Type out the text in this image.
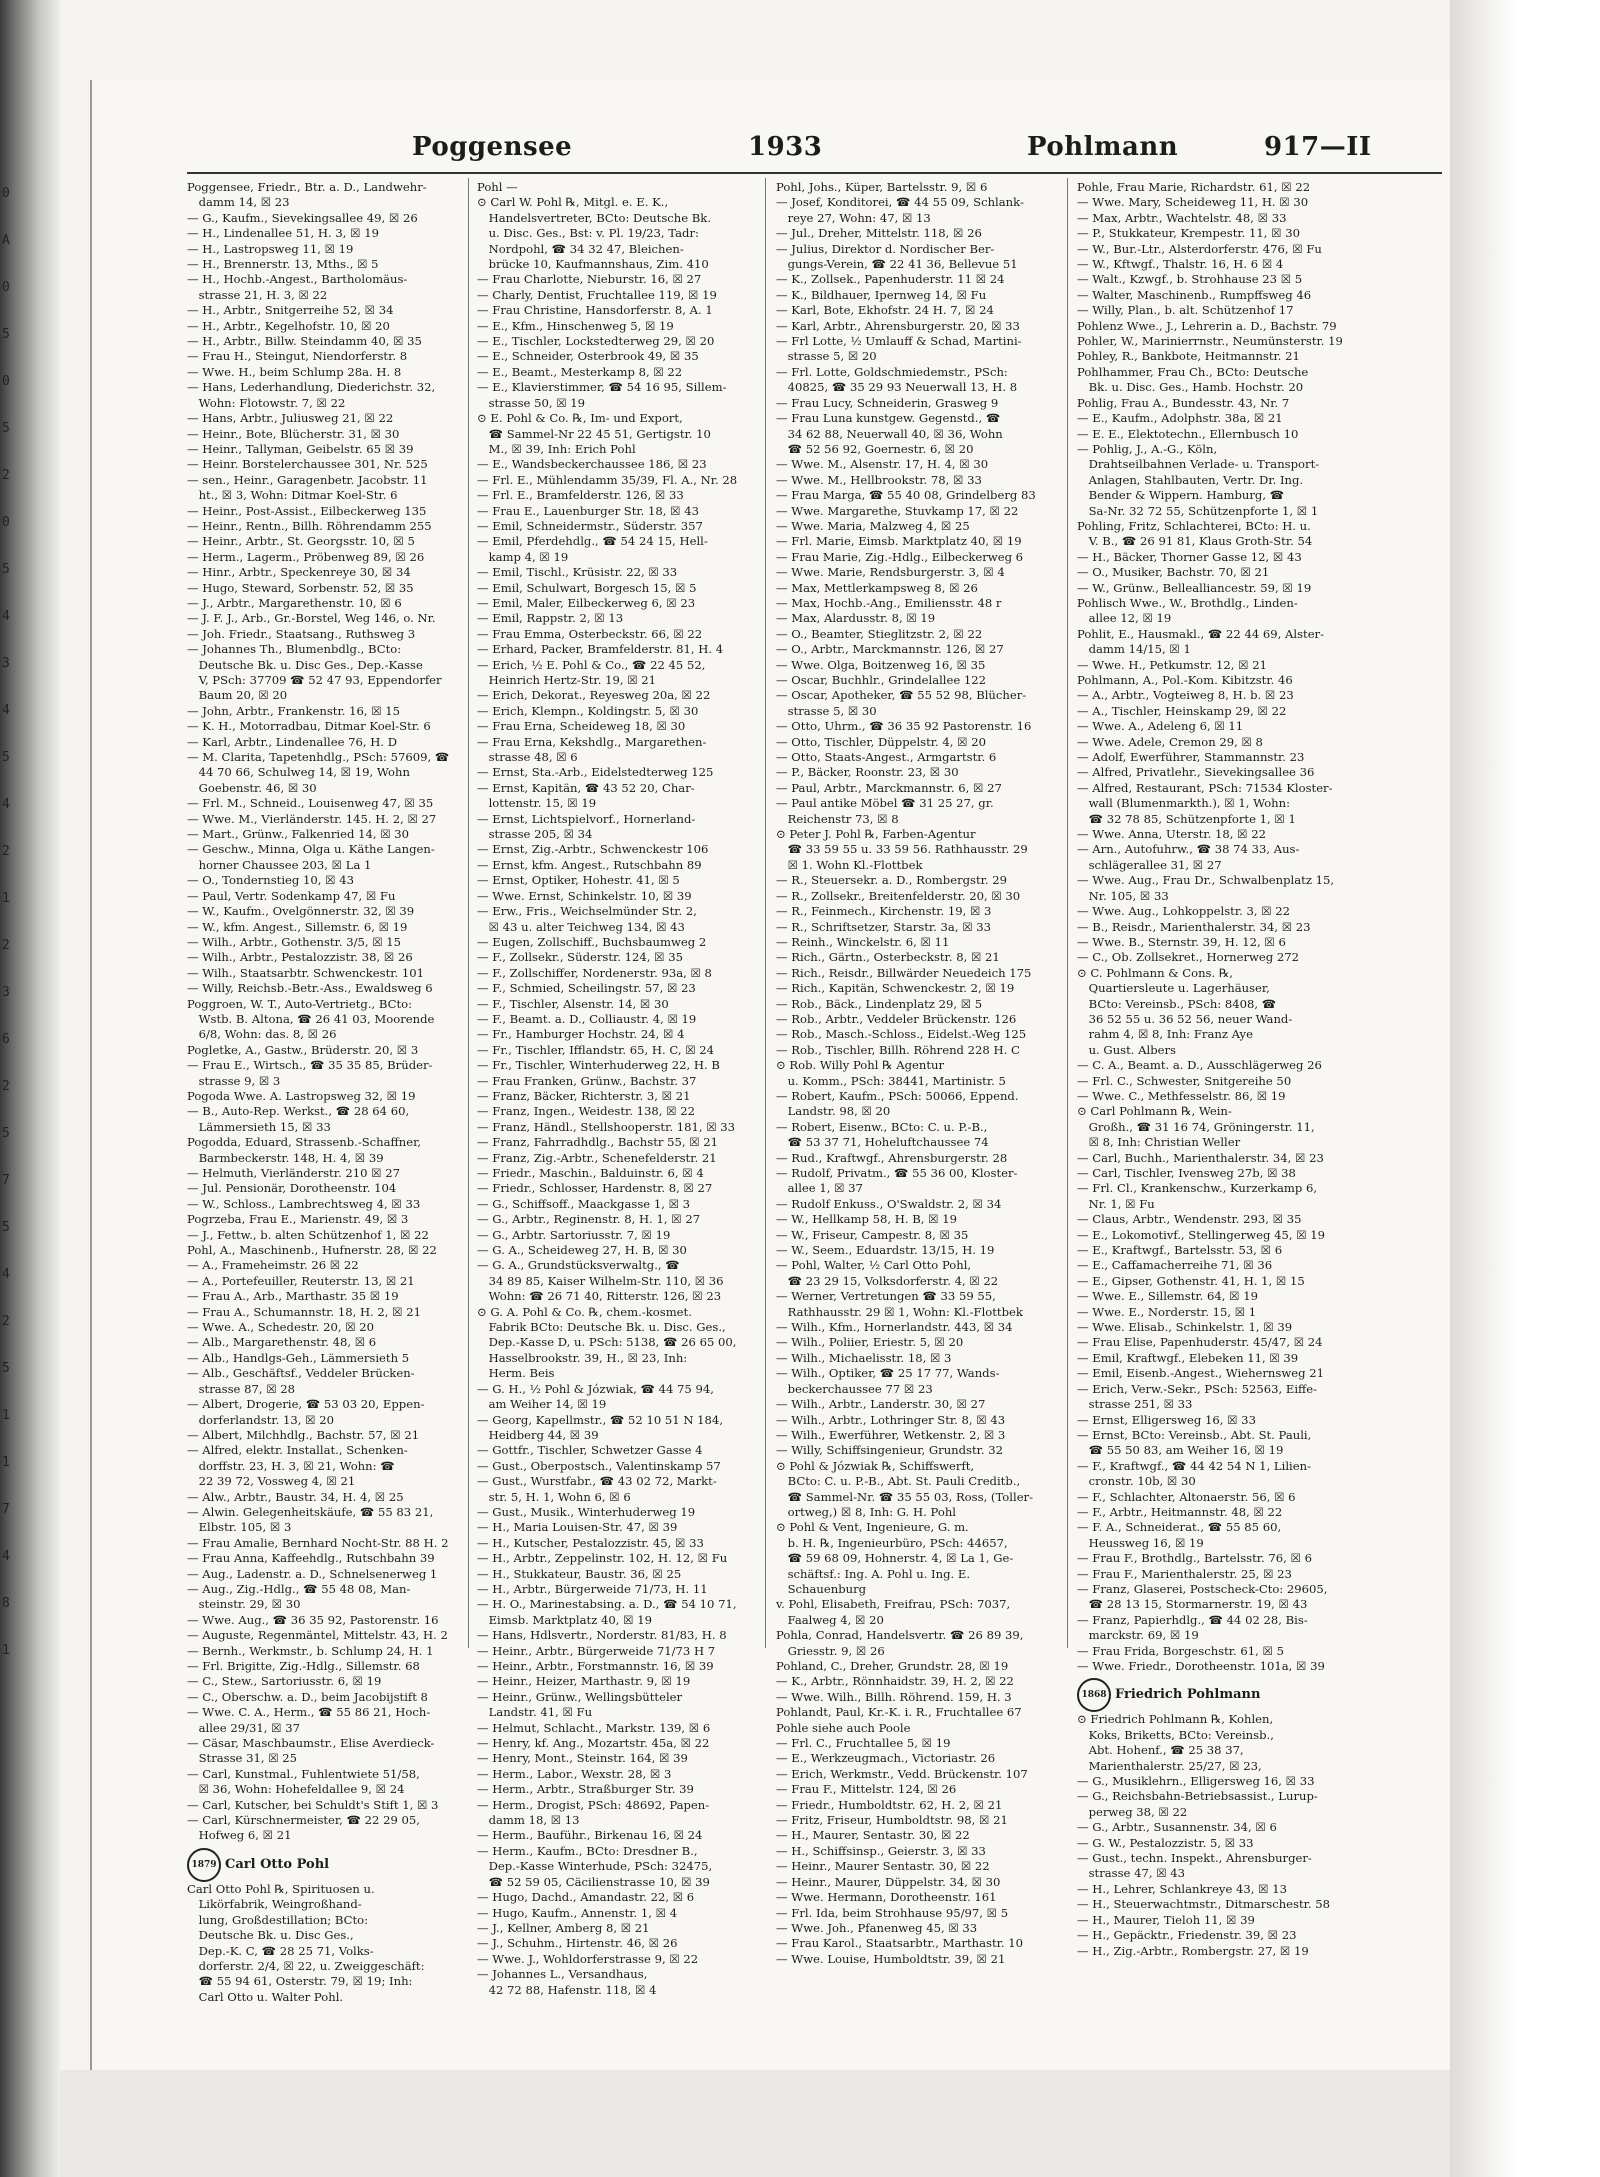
0
A
0
5
0
5
2
0
5
4
3
4
5
4
2
1
2
3
6
2
5
7
5
4
2
5
1
1
7
4
8
1
Poggensee	1933	Pohlmann	917—II
Poggensee, Friedr., Btr. a. D., Landwehr-
 damm 14, ☒ 23
— G., Kaufm., Sievekingsallee 49, ☒ 26
— H., Lindenallee 51, H. 3, ☒ 19
— H., Lastropsweg 11, ☒ 19
— H., Brennerstr. 13, Mths., ☒ 5
— H., Hochb.-Angest., Bartholomäus-
 strasse 21, H. 3, ☒ 22
— H., Arbtr., Snitgerreihe 52, ☒ 34
— H., Arbtr., Kegelhofstr. 10, ☒ 20
— H., Arbtr., Billw. Steindamm 40, ☒ 35
— Frau H., Steingut, Niendorferstr. 8
— Wwe. H., beim Schlump 28a. H. 8
— Hans, Lederhandlung, Diederichstr. 32,
 Wohn: Flotowstr. 7, ☒ 22
— Hans, Arbtr., Juliusweg 21, ☒ 22
— Heinr., Bote, Blücherstr. 31, ☒ 30
— Heinr., Tallyman, Geibelstr. 65 ☒ 39
— Heinr. Borstelerchaussee 301, Nr. 525
— sen., Heinr., Garagenbetr. Jacobstr. 11
 ht., ☒ 3, Wohn: Ditmar Koel-Str. 6
— Heinr., Post-Assist., Eilbeckerweg 135
— Heinr., Rentn., Billh. Röhrendamm 255
— Heinr., Arbtr., St. Georgsstr. 10, ☒ 5
— Herm., Lagerm., Pröbenweg 89, ☒ 26
— Hinr., Arbtr., Speckenreye 30, ☒ 34
— Hugo, Steward, Sorbenstr. 52, ☒ 35
— J., Arbtr., Margarethenstr. 10, ☒ 6
— J. F. J., Arb., Gr.-Borstel, Weg 146, o. Nr.
— Joh. Friedr., Staatsang., Ruthsweg 3
— Johannes Th., Blumenbdlg., BCto:
 Deutsche Bk. u. Disc Ges., Dep.-Kasse
 V, PSch: 37709 ☎ 52 47 93, Eppendorfer
 Baum 20, ☒ 20
— John, Arbtr., Frankenstr. 16, ☒ 15
— K. H., Motorradbau, Ditmar Koel-Str. 6
— Karl, Arbtr., Lindenallee 76, H. D
— M. Clarita, Tapetenhdlg., PSch: 57609, ☎
 44 70 66, Schulweg 14, ☒ 19, Wohn
 Goebenstr. 46, ☒ 30
— Frl. M., Schneid., Louisenweg 47, ☒ 35
— Wwe. M., Vierländerstr. 145. H. 2, ☒ 27
— Mart., Grünw., Falkenried 14, ☒ 30
— Geschw., Minna, Olga u. Käthe Langen-
 horner Chaussee 203, ☒ La 1
— O., Tondernstieg 10, ☒ 43
— Paul, Vertr. Sodenkamp 47, ☒ Fu
— W., Kaufm., Ovelgönnerstr. 32, ☒ 39
— W., kfm. Angest., Sillemstr. 6, ☒ 19
— Wilh., Arbtr., Gothenstr. 3/5, ☒ 15
— Wilh., Arbtr., Pestalozzistr. 38, ☒ 26
— Wilh., Staatsarbtr. Schwenckestr. 101
— Willy, Reichsb.-Betr.-Ass., Ewaldsweg 6
Poggroen, W. T., Auto-Vertrietg., BCto:
 Wstb. B. Altona, ☎ 26 41 03, Moorende
 6/8, Wohn: das. 8, ☒ 26
Pogletke, A., Gastw., Brüderstr. 20, ☒ 3
— Frau E., Wirtsch., ☎ 35 35 85, Brüder-
 strasse 9, ☒ 3
Pogoda Wwe. A. Lastropsweg 32, ☒ 19
— B., Auto-Rep. Werkst., ☎ 28 64 60,
 Lämmersieth 15, ☒ 33
Pogodda, Eduard, Strassenb.-Schaffner,
 Barmbeckerstr. 148, H. 4, ☒ 39
— Helmuth, Vierländerstr. 210 ☒ 27
— Jul. Pensionär, Dorotheenstr. 104
— W., Schloss., Lambrechtsweg 4, ☒ 33
Pogrzeba, Frau E., Marienstr. 49, ☒ 3
— J., Fettw., b. alten Schützenhof 1, ☒ 22
Pohl, A., Maschinenb., Hufnerstr. 28, ☒ 22
— A., Frameheimstr. 26 ☒ 22
— A., Portefeuiller, Reuterstr. 13, ☒ 21
— Frau A., Arb., Marthastr. 35 ☒ 19
— Frau A., Schumannstr. 18, H. 2, ☒ 21
— Wwe. A., Schedestr. 20, ☒ 20
— Alb., Margarethenstr. 48, ☒ 6
— Alb., Handlgs-Geh., Lämmersieth 5
— Alb., Geschäftsf., Veddeler Brücken-
 strasse 87, ☒ 28
— Albert, Drogerie, ☎ 53 03 20, Eppen-
 dorferlandstr. 13, ☒ 20
— Albert, Milchhdlg., Bachstr. 57, ☒ 21
— Alfred, elektr. Installat., Schenken-
 dorffstr. 23, H. 3, ☒ 21, Wohn: ☎
 22 39 72, Vossweg 4, ☒ 21
— Alw., Arbtr., Baustr. 34, H. 4, ☒ 25
— Alwin. Gelegenheitskäufe, ☎ 55 83 21,
 Elbstr. 105, ☒ 3
— Frau Amalie, Bernhard Nocht-Str. 88 H. 2
— Frau Anna, Kaffeehdlg., Rutschbahn 39
— Aug., Ladenstr. a. D., Schnelsenerweg 1
— Aug., Zig.-Hdlg., ☎ 55 48 08, Man-
 steinstr. 29, ☒ 30
— Wwe. Aug., ☎ 36 35 92, Pastorenstr. 16
— Auguste, Regenmäntel, Mittelstr. 43, H. 2
— Bernh., Werkmstr., b. Schlump 24, H. 1
— Frl. Brigitte, Zig.-Hdlg., Sillemstr. 68
— C., Stew., Sartoriusstr. 6, ☒ 19
— C., Oberschw. a. D., beim Jacobijstift 8
— Wwe. C. A., Herm., ☎ 55 86 21, Hoch-
 allee 29/31, ☒ 37
— Cäsar, Maschbaumstr., Elise Averdieck-
 Strasse 31, ☒ 25
— Carl, Kunstmal., Fuhlentwiete 51/58,
 ☒ 36, Wohn: Hohefeldallee 9, ☒ 24
— Carl, Kutscher, bei Schuldt's Stift 1, ☒ 3
— Carl, Kürschnermeister, ☎ 22 29 05,
 Hofweg 6, ☒ 21
1879 Carl Otto Pohl
Carl Otto Pohl ℞, Spirituosen u.
 Likörfabrik, Weingroßhand-
 lung, Großdestillation; BCto:
 Deutsche Bk. u. Disc Ges.,
 Dep.-K. C, ☎ 28 25 71, Volks-
 dorferstr. 2/4, ☒ 22, u. Zweiggeschäft:
 ☎ 55 94 61, Osterstr. 79, ☒ 19; Inh:
 Carl Otto u. Walter Pohl.
Pohl —
⊙ Carl W. Pohl ℞, Mitgl. e. E. K.,
 Handelsvertreter, BCto: Deutsche Bk.
 u. Disc. Ges., Bst: v. Pl. 19/23, Tadr:
 Nordpohl, ☎ 34 32 47, Bleichen-
 brücke 10, Kaufmannshaus, Zim. 410
— Frau Charlotte, Nieburstr. 16, ☒ 27
— Charly, Dentist, Fruchtallee 119, ☒ 19
— Frau Christine, Hansdorferstr. 8, A. 1
— E., Kfm., Hinschenweg 5, ☒ 19
— E., Tischler, Lockstedterweg 29, ☒ 20
— E., Schneider, Osterbrook 49, ☒ 35
— E., Beamt., Mesterkamp 8, ☒ 22
— E., Klavierstimmer, ☎ 54 16 95, Sillem-
 strasse 50, ☒ 19
⊙ E. Pohl & Co. ℞, Im- und Export,
 ☎ Sammel-Nr 22 45 51, Gertigstr. 10
 M., ☒ 39, Inh: Erich Pohl
— E., Wandsbeckerchaussee 186, ☒ 23
— Frl. E., Mühlendamm 35/39, Fl. A., Nr. 28
— Frl. E., Bramfelderstr. 126, ☒ 33
— Frau E., Lauenburger Str. 18, ☒ 43
— Emil, Schneidermstr., Süderstr. 357
— Emil, Pferdehdlg., ☎ 54 24 15, Hell-
 kamp 4, ☒ 19
— Emil, Tischl., Krüsistr. 22, ☒ 33
— Emil, Schulwart, Borgesch 15, ☒ 5
— Emil, Maler, Eilbeckerweg 6, ☒ 23
— Emil, Rappstr. 2, ☒ 13
— Frau Emma, Osterbeckstr. 66, ☒ 22
— Erhard, Packer, Bramfelderstr. 81, H. 4
— Erich, ½ E. Pohl & Co., ☎ 22 45 52,
 Heinrich Hertz-Str. 19, ☒ 21
— Erich, Dekorat., Reyesweg 20a, ☒ 22
— Erich, Klempn., Koldingstr. 5, ☒ 30
— Frau Erna, Scheideweg 18, ☒ 30
— Frau Erna, Kekshdlg., Margarethen-
 strasse 48, ☒ 6
— Ernst, Sta.-Arb., Eidelstedterweg 125
— Ernst, Kapitän, ☎ 43 52 20, Char-
 lottenstr. 15, ☒ 19
— Ernst, Lichtspielvorf., Hornerland-
 strasse 205, ☒ 34
— Ernst, Zig.-Arbtr., Schwenckestr 106
— Ernst, kfm. Angest., Rutschbahn 89
— Ernst, Optiker, Hohestr. 41, ☒ 5
— Wwe. Ernst, Schinkelstr. 10, ☒ 39
— Erw., Fris., Weichselmünder Str. 2,
 ☒ 43 u. alter Teichweg 134, ☒ 43
— Eugen, Zollschiff., Buchsbaumweg 2
— F., Zollsekr., Süderstr. 124, ☒ 35
— F., Zollschiffer, Nordenerstr. 93a, ☒ 8
— F., Schmied, Scheilingstr. 57, ☒ 23
— F., Tischler, Alsenstr. 14, ☒ 30
— F., Beamt. a. D., Colliaustr. 4, ☒ 19
— Fr., Hamburger Hochstr. 24, ☒ 4
— Fr., Tischler, Ifflandstr. 65, H. C, ☒ 24
— Fr., Tischler, Winterhuderweg 22, H. B
— Frau Franken, Grünw., Bachstr. 37
— Franz, Bäcker, Richterstr. 3, ☒ 21
— Franz, Ingen., Weidestr. 138, ☒ 22
— Franz, Händl., Stellshooperstr. 181, ☒ 33
— Franz, Fahrradhdlg., Bachstr 55, ☒ 21
— Franz, Zig.-Arbtr., Schenefelderstr. 21
— Friedr., Maschin., Balduinstr. 6, ☒ 4
— Friedr., Schlosser, Hardenstr. 8, ☒ 27
— G., Schiffsoff., Maackgasse 1, ☒ 3
— G., Arbtr., Reginenstr. 8, H. 1, ☒ 27
— G., Arbtr. Sartoriusstr. 7, ☒ 19
— G. A., Scheideweg 27, H. B, ☒ 30
— G. A., Grundstücksverwaltg., ☎
 34 89 85, Kaiser Wilhelm-Str. 110, ☒ 36
 Wohn: ☎ 26 71 40, Ritterstr. 126, ☒ 23
⊙ G. A. Pohl & Co. ℞, chem.-kosmet.
 Fabrik BCto: Deutsche Bk. u. Disc. Ges.,
 Dep.-Kasse D, u. PSch: 5138, ☎ 26 65 00,
 Hasselbrookstr. 39, H., ☒ 23, Inh:
 Herm. Beis
— G. H., ½ Pohl & Józwiak, ☎ 44 75 94,
 am Weiher 14, ☒ 19
— Georg, Kapellmstr., ☎ 52 10 51 N 184,
 Heidberg 44, ☒ 39
— Gottfr., Tischler, Schwetzer Gasse 4
— Gust., Oberpostsch., Valentinskamp 57
— Gust., Wurstfabr., ☎ 43 02 72, Markt-
 str. 5, H. 1, Wohn 6, ☒ 6
— Gust., Musik., Winterhuderweg 19
— H., Maria Louisen-Str. 47, ☒ 39
— H., Kutscher, Pestalozzistr. 45, ☒ 33
— H., Arbtr., Zeppelinstr. 102, H. 12, ☒ Fu
— H., Stukkateur, Baustr. 36, ☒ 25
— H., Arbtr., Bürgerweide 71/73, H. 11
— H. O., Marinestabsing. a. D., ☎ 54 10 71,
 Eimsb. Marktplatz 40, ☒ 19
— Hans, Hdlsvertr., Norderstr. 81/83, H. 8
— Heinr., Arbtr., Bürgerweide 71/73 H 7
— Heinr., Arbtr., Forstmannstr. 16, ☒ 39
— Heinr., Heizer, Marthastr. 9, ☒ 19
— Heinr., Grünw., Wellingsbütteler
 Landstr. 41, ☒ Fu
— Helmut, Schlacht., Markstr. 139, ☒ 6
— Henry, kf. Ang., Mozartstr. 45a, ☒ 22
— Henry, Mont., Steinstr. 164, ☒ 39
— Herm., Labor., Wexstr. 28, ☒ 3
— Herm., Arbtr., Straßburger Str. 39
— Herm., Drogist, PSch: 48692, Papen-
 damm 18, ☒ 13
— Herm., Bauführ., Birkenau 16, ☒ 24
— Herm., Kaufm., BCto: Dresdner B.,
 Dep.-Kasse Winterhude, PSch: 32475,
 ☎ 52 59 05, Cäcilienstrasse 10, ☒ 39
— Hugo, Dachd., Amandastr. 22, ☒ 6
— Hugo, Kaufm., Annenstr. 1, ☒ 4
— J., Kellner, Amberg 8, ☒ 21
— J., Schuhm., Hirtenstr. 46, ☒ 26
— Wwe. J., Wohldorferstrasse 9, ☒ 22
— Johannes L., Versandhaus,
 42 72 88, Hafenstr. 118, ☒ 4
Pohl, Johs., Küper, Bartelsstr. 9, ☒ 6
— Josef, Konditorei, ☎ 44 55 09, Schlank-
 reye 27, Wohn: 47, ☒ 13
— Jul., Dreher, Mittelstr. 118, ☒ 26
— Julius, Direktor d. Nordischer Ber-
 gungs-Verein, ☎ 22 41 36, Bellevue 51
— K., Zollsek., Papenhuderstr. 11 ☒ 24
— K., Bildhauer, Ipernweg 14, ☒ Fu
— Karl, Bote, Ekhofstr. 24 H. 7, ☒ 24
— Karl, Arbtr., Ahrensburgerstr. 20, ☒ 33
— Frl Lotte, ½ Umlauff & Schad, Martini-
 strasse 5, ☒ 20
— Frl. Lotte, Goldschmiedemstr., PSch:
 40825, ☎ 35 29 93 Neuerwall 13, H. 8
— Frau Lucy, Schneiderin, Grasweg 9
— Frau Luna kunstgew. Gegenstd., ☎
 34 62 88, Neuerwall 40, ☒ 36, Wohn
 ☎ 52 56 92, Goernestr. 6, ☒ 20
— Wwe. M., Alsenstr. 17, H. 4, ☒ 30
— Wwe. M., Hellbrookstr. 78, ☒ 33
— Frau Marga, ☎ 55 40 08, Grindelberg 83
— Wwe. Margarethe, Stuvkamp 17, ☒ 22
— Wwe. Maria, Malzweg 4, ☒ 25
— Frl. Marie, Eimsb. Marktplatz 40, ☒ 19
— Frau Marie, Zig.-Hdlg., Eilbeckerweg 6
— Wwe. Marie, Rendsburgerstr. 3, ☒ 4
— Max, Mettlerkampsweg 8, ☒ 26
— Max, Hochb.-Ang., Emiliensstr. 48 r
— Max, Alardusstr. 8, ☒ 19
— O., Beamter, Stieglitzstr. 2, ☒ 22
— O., Arbtr., Marckmannstr. 126, ☒ 27
— Wwe. Olga, Boitzenweg 16, ☒ 35
— Oscar, Buchhlr., Grindelallee 122
— Oscar, Apotheker, ☎ 55 52 98, Blücher-
 strasse 5, ☒ 30
— Otto, Uhrm., ☎ 36 35 92 Pastorenstr. 16
— Otto, Tischler, Düppelstr. 4, ☒ 20
— Otto, Staats-Angest., Armgartstr. 6
— P., Bäcker, Roonstr. 23, ☒ 30
— Paul, Arbtr., Marckmannstr. 6, ☒ 27
— Paul antike Möbel ☎ 31 25 27, gr.
 Reichenstr 73, ☒ 8
⊙ Peter J. Pohl ℞, Farben-Agentur
 ☎ 33 59 55 u. 33 59 56. Rathhausstr. 29
 ☒ 1. Wohn Kl.-Flottbek
— R., Steuersekr. a. D., Rombergstr. 29
— R., Zollsekr., Breitenfelderstr. 20, ☒ 30
— R., Feinmech., Kirchenstr. 19, ☒ 3
— R., Schriftsetzer, Starstr. 3a, ☒ 33
— Reinh., Winckelstr. 6, ☒ 11
— Rich., Gärtn., Osterbeckstr. 8, ☒ 21
— Rich., Reisdr., Billwärder Neuedeich 175
— Rich., Kapitän, Schwenckestr. 2, ☒ 19
— Rob., Bäck., Lindenplatz 29, ☒ 5
— Rob., Arbtr., Veddeler Brückenstr. 126
— Rob., Masch.-Schloss., Eidelst.-Weg 125
— Rob., Tischler, Billh. Röhrend 228 H. C
⊙ Rob. Willy Pohl ℞ Agentur
 u. Komm., PSch: 38441, Martinistr. 5
— Robert, Kaufm., PSch: 50066, Eppend.
 Landstr. 98, ☒ 20
— Robert, Eisenw., BCto: C. u. P.-B.,
 ☎ 53 37 71, Hoheluftchaussee 74
— Rud., Kraftwgf., Ahrensburgerstr. 28
— Rudolf, Privatm., ☎ 55 36 00, Kloster-
 allee 1, ☒ 37
— Rudolf Enkuss., O'Swaldstr. 2, ☒ 34
— W., Hellkamp 58, H. B, ☒ 19
— W., Friseur, Campestr. 8, ☒ 35
— W., Seem., Eduardstr. 13/15, H. 19
— Pohl, Walter, ½ Carl Otto Pohl,
 ☎ 23 29 15, Volksdorferstr. 4, ☒ 22
— Werner, Vertretungen ☎ 33 59 55,
 Rathhausstr. 29 ☒ 1, Wohn: Kl.-Flottbek
— Wilh., Kfm., Hornerlandstr. 443, ☒ 34
— Wilh., Poliier, Eriestr. 5, ☒ 20
— Wilh., Michaelisstr. 18, ☒ 3
— Wilh., Optiker, ☎ 25 17 77, Wands-
 beckerchaussee 77 ☒ 23
— Wilh., Arbtr., Landerstr. 30, ☒ 27
— Wilh., Arbtr., Lothringer Str. 8, ☒ 43
— Wilh., Ewerführer, Wetkenstr. 2, ☒ 3
— Willy, Schiffsingenieur, Grundstr. 32
⊙ Pohl & Józwiak ℞, Schiffswerft,
 BCto: C. u. P.-B., Abt. St. Pauli Creditb.,
 ☎ Sammel-Nr. ☎ 35 55 03, Ross, (Toller-
 ortweg,) ☒ 8, Inh: G. H. Pohl
⊙ Pohl & Vent, Ingenieure, G. m.
 b. H. ℞, Ingenieurbüro, PSch: 44657,
 ☎ 59 68 09, Hohnerstr. 4, ☒ La 1, Ge-
 schäftsf.: Ing. A. Pohl u. Ing. E.
 Schauenburg
v. Pohl, Elisabeth, Freifrau, PSch: 7037,
 Faalweg 4, ☒ 20
Pohla, Conrad, Handelsvertr. ☎ 26 89 39,
 Griesstr. 9, ☒ 26
Pohland, C., Dreher, Grundstr. 28, ☒ 19
— K., Arbtr., Rönnhaidstr. 39, H. 2, ☒ 22
— Wwe. Wilh., Billh. Röhrend. 159, H. 3
Pohlandt, Paul, Kr.-K. i. R., Fruchtallee 67
Pohle siehe auch Poole
— Frl. C., Fruchtallee 5, ☒ 19
— E., Werkzeugmach., Victoriastr. 26
— Erich, Werkmstr., Vedd. Brückenstr. 107
— Frau F., Mittelstr. 124, ☒ 26
— Friedr., Humboldtstr. 62, H. 2, ☒ 21
— Fritz, Friseur, Humboldtstr. 98, ☒ 21
— H., Maurer, Sentastr. 30, ☒ 22
— H., Schiffsinsp., Geierstr. 3, ☒ 33
— Heinr., Maurer Sentastr. 30, ☒ 22
— Heinr., Maurer, Düppelstr. 34, ☒ 30
— Wwe. Hermann, Dorotheenstr. 161
— Frl. Ida, beim Strohhause 95/97, ☒ 5
— Wwe. Joh., Pfanenweg 45, ☒ 33
— Frau Karol., Staatsarbtr., Marthastr. 10
— Wwe. Louise, Humboldtstr. 39, ☒ 21
Pohle, Frau Marie, Richardstr. 61, ☒ 22
— Wwe. Mary, Scheideweg 11, H. ☒ 30
— Max, Arbtr., Wachtelstr. 48, ☒ 33
— P., Stukkateur, Krempestr. 11, ☒ 30
— W., Bur.-Ltr., Alsterdorferstr. 476, ☒ Fu
— W., Kftwgf., Thalstr. 16, H. 6 ☒ 4
— Walt., Kzwgf., b. Strohhause 23 ☒ 5
— Walter, Maschinenb., Rumpffsweg 46
— Willy, Plan., b. alt. Schützenhof 17
Pohlenz Wwe., J., Lehrerin a. D., Bachstr. 79
Pohler, W., Marinierrnstr., Neumünsterstr. 19
Pohley, R., Bankbote, Heitmannstr. 21
Pohlhammer, Frau Ch., BCto: Deutsche
 Bk. u. Disc. Ges., Hamb. Hochstr. 20
Pohlig, Frau A., Bundesstr. 43, Nr. 7
— E., Kaufm., Adolphstr. 38a, ☒ 21
— E. E., Elektotechn., Ellernbusch 10
— Pohlig, J., A.-G., Köln,
 Drahtseilbahnen Verlade- u. Transport-
 Anlagen, Stahlbauten, Vertr. Dr. Ing.
 Bender & Wippern. Hamburg, ☎
 Sa-Nr. 32 72 55, Schützenpforte 1, ☒ 1
Pohling, Fritz, Schlachterei, BCto: H. u.
 V. B., ☎ 26 91 81, Klaus Groth-Str. 54
— H., Bäcker, Thorner Gasse 12, ☒ 43
— O., Musiker, Bachstr. 70, ☒ 21
— W., Grünw., Bellealliancestr. 59, ☒ 19
Pohlisch Wwe., W., Brothdlg., Linden-
 allee 12, ☒ 19
Pohlit, E., Hausmakl., ☎ 22 44 69, Alster-
 damm 14/15, ☒ 1
— Wwe. H., Petkumstr. 12, ☒ 21
Pohlmann, A., Pol.-Kom. Kibitzstr. 46
— A., Arbtr., Vogteiweg 8, H. b. ☒ 23
— A., Tischler, Heinskamp 29, ☒ 22
— Wwe. A., Adeleng 6, ☒ 11
— Wwe. Adele, Cremon 29, ☒ 8
— Adolf, Ewerführer, Stammannstr. 23
— Alfred, Privatlehr., Sievekingsallee 36
— Alfred, Restaurant, PSch: 71534 Kloster-
 wall (Blumenmarkth.), ☒ 1, Wohn:
 ☎ 32 78 85, Schützenpforte 1, ☒ 1
— Wwe. Anna, Uterstr. 18, ☒ 22
— Arn., Autofuhrw., ☎ 38 74 33, Aus-
 schlägerallee 31, ☒ 27
— Wwe. Aug., Frau Dr., Schwalbenplatz 15,
 Nr. 105, ☒ 33
— Wwe. Aug., Lohkoppelstr. 3, ☒ 22
— B., Reisdr., Marienthalerstr. 34, ☒ 23
— Wwe. B., Sternstr. 39, H. 12, ☒ 6
— C., Ob. Zollsekret., Hornerweg 272
⊙ C. Pohlmann & Cons. ℞,
 Quartiersleute u. Lagerhäuser,
 BCto: Vereinsb., PSch: 8408, ☎
 36 52 55 u. 36 52 56, neuer Wand-
 rahm 4, ☒ 8, Inh: Franz Aye
 u. Gust. Albers
— C. A., Beamt. a. D., Ausschlägerweg 26
— Frl. C., Schwester, Snitgereihe 50
— Wwe. C., Methfesselstr. 86, ☒ 19
⊙ Carl Pohlmann ℞, Wein-
 Großh., ☎ 31 16 74, Gröningerstr. 11,
 ☒ 8, Inh: Christian Weller
— Carl, Buchh., Marienthalerstr. 34, ☒ 23
— Carl, Tischler, Ivensweg 27b, ☒ 38
— Frl. Cl., Krankenschw., Kurzerkamp 6,
 Nr. 1, ☒ Fu
— Claus, Arbtr., Wendenstr. 293, ☒ 35
— E., Lokomotivf., Stellingerweg 45, ☒ 19
— E., Kraftwgf., Bartelsstr. 53, ☒ 6
— E., Caffamacherreihe 71, ☒ 36
— E., Gipser, Gothenstr. 41, H. 1, ☒ 15
— Wwe. E., Sillemstr. 64, ☒ 19
— Wwe. E., Norderstr. 15, ☒ 1
— Wwe. Elisab., Schinkelstr. 1, ☒ 39
— Frau Elise, Papenhuderstr. 45/47, ☒ 24
— Emil, Kraftwgf., Elebeken 11, ☒ 39
— Emil, Eisenb.-Angest., Wiehernsweg 21
— Erich, Verw.-Sekr., PSch: 52563, Eiffe-
 strasse 251, ☒ 33
— Ernst, Elligersweg 16, ☒ 33
— Ernst, BCto: Vereinsb., Abt. St. Pauli,
 ☎ 55 50 83, am Weiher 16, ☒ 19
— F., Kraftwgf., ☎ 44 42 54 N 1, Lilien-
 cronstr. 10b, ☒ 30
— F., Schlachter, Altonaerstr. 56, ☒ 6
— F., Arbtr., Heitmannstr. 48, ☒ 22
— F. A., Schneiderat., ☎ 55 85 60,
 Heussweg 16, ☒ 19
— Frau F., Brothdlg., Bartelsstr. 76, ☒ 6
— Frau F., Marienthalerstr. 25, ☒ 23
— Franz, Glaserei, Postscheck-Cto: 29605,
 ☎ 28 13 15, Stormarnerstr. 19, ☒ 43
— Franz, Papierhdlg., ☎ 44 02 28, Bis-
 marckstr. 69, ☒ 19
— Frau Frida, Borgeschstr. 61, ☒ 5
— Wwe. Friedr., Dorotheenstr. 101a, ☒ 39
1868 Friedrich Pohlmann
⊙ Friedrich Pohlmann ℞, Kohlen,
 Koks, Briketts, BCto: Vereinsb.,
 Abt. Hohenf., ☎ 25 38 37,
 Marienthalerstr. 25/27, ☒ 23,
— G., Musiklehrn., Elligersweg 16, ☒ 33
— G., Reichsbahn-Betriebsassist., Lurup-
 perweg 38, ☒ 22
— G., Arbtr., Susannenstr. 34, ☒ 6
— G. W., Pestalozzistr. 5, ☒ 33
— Gust., techn. Inspekt., Ahrensburger-
 strasse 47, ☒ 43
— H., Lehrer, Schlankreye 43, ☒ 13
— H., Steuerwachtmstr., Ditmarschestr. 58
— H., Maurer, Tieloh 11, ☒ 39
— H., Gepäcktr., Friedenstr. 39, ☒ 23
— H., Zig.-Arbtr., Rombergstr. 27, ☒ 19
